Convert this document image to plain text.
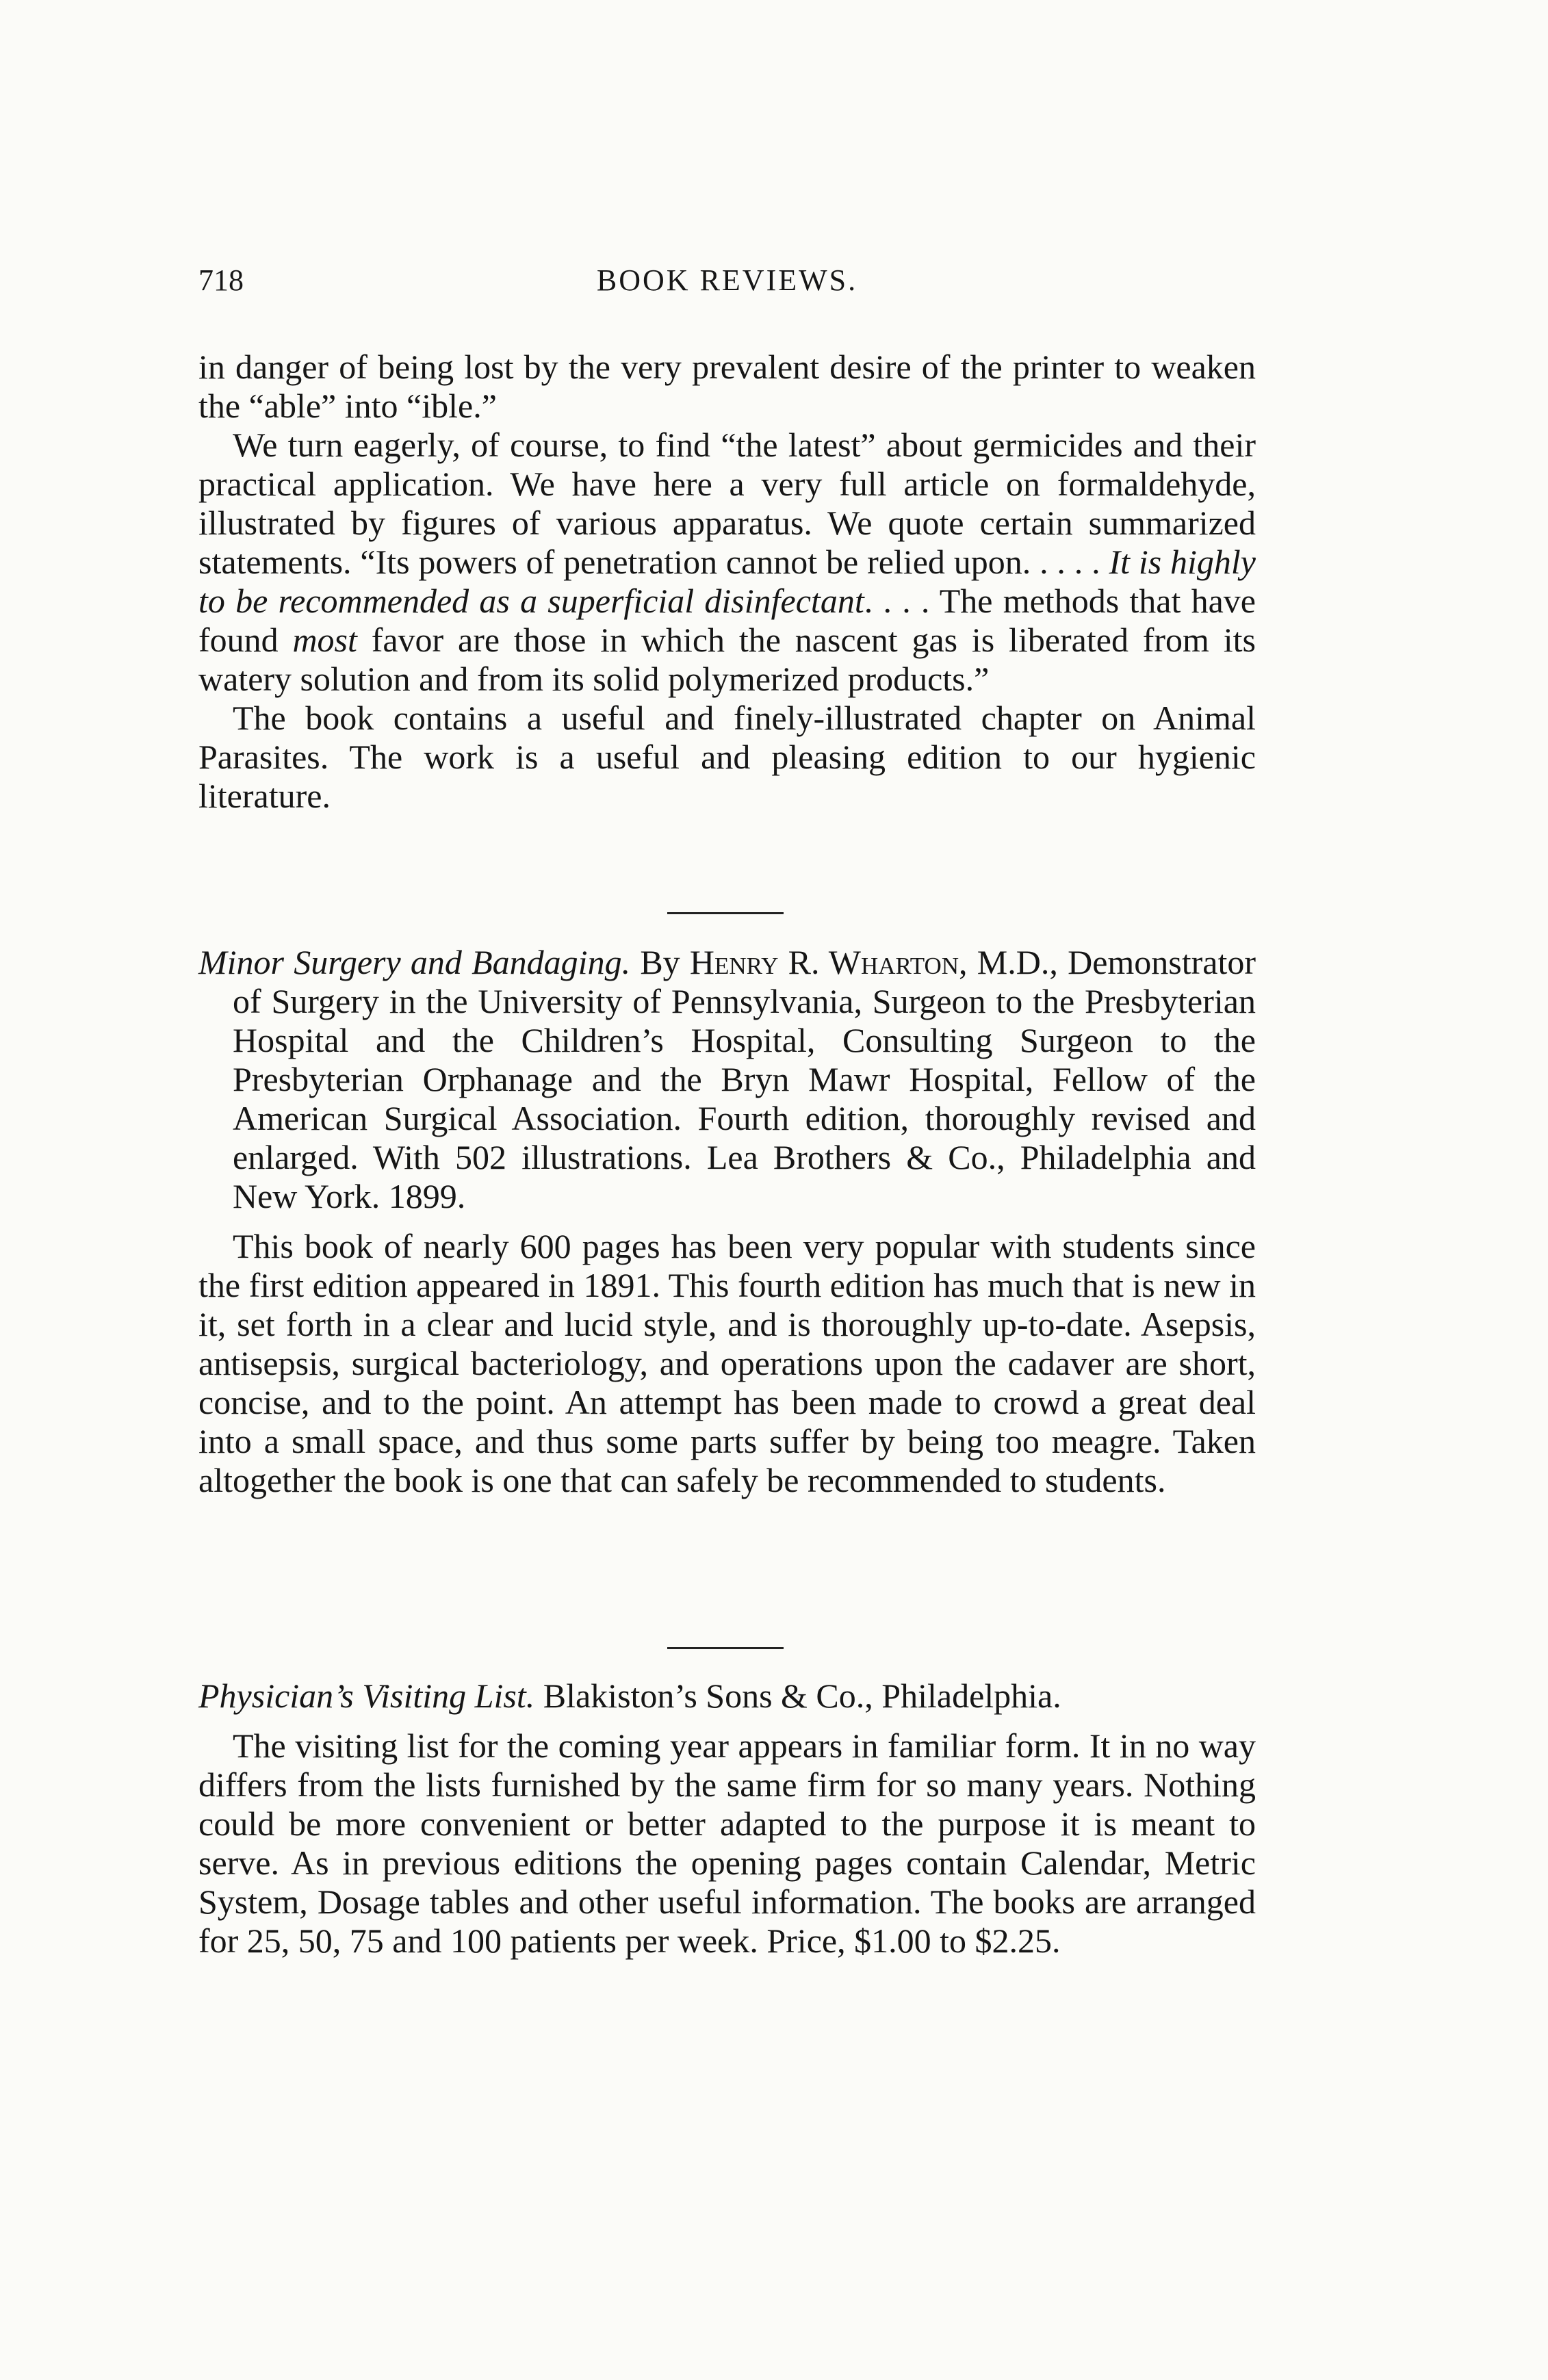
718	BOOK REVIEWS.

in danger of being lost by the very prevalent desire of the printer to weaken the “able” into “ible.”

We turn eagerly, of course, to find “the latest” about germicides and their practical application. We have here a very full article on formaldehyde, illustrated by figures of various apparatus. We quote certain summarized statements. “Its powers of penetration cannot be relied upon. . . . . It is highly to be recommended as a superficial disinfectant. . . . The methods that have found most favor are those in which the nascent gas is liberated from its watery solution and from its solid polymerized products.”

The book contains a useful and finely-illustrated chapter on Animal Parasites. The work is a useful and pleasing edition to our hygienic literature.

Minor Surgery and Bandaging. By Henry R. Wharton, M.D., Demonstrator of Surgery in the University of Pennsylvania, Surgeon to the Presbyterian Hospital and the Children’s Hospital, Consulting Surgeon to the Presbyterian Orphanage and the Bryn Mawr Hospital, Fellow of the American Surgical Association. Fourth edition, thoroughly revised and enlarged. With 502 illustrations. Lea Brothers & Co., Philadelphia and New York. 1899.

This book of nearly 600 pages has been very popular with students since the first edition appeared in 1891. This fourth edition has much that is new in it, set forth in a clear and lucid style, and is thoroughly up-to-date. Asepsis, antisepsis, surgical bacteriology, and operations upon the cadaver are short, concise, and to the point. An attempt has been made to crowd a great deal into a small space, and thus some parts suffer by being too meagre. Taken altogether the book is one that can safely be recommended to students.

Physician’s Visiting List. Blakiston’s Sons & Co., Philadelphia.

The visiting list for the coming year appears in familiar form. It in no way differs from the lists furnished by the same firm for so many years. Nothing could be more convenient or better adapted to the purpose it is meant to serve. As in previous editions the opening pages contain Calendar, Metric System, Dosage tables and other useful information. The books are arranged for 25, 50, 75 and 100 patients per week. Price, $1.00 to $2.25.
